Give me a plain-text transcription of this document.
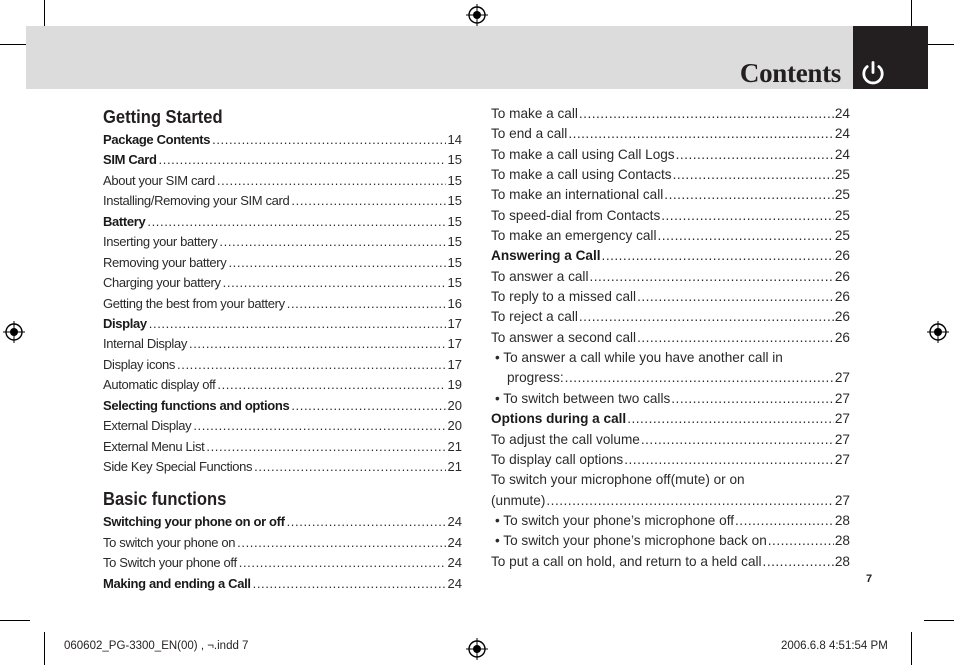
Contents
Getting Started
Package Contents .....	14
SIM Card .....	15
About your SIM card .....	15
Installing/Removing your SIM card .....	15
Battery .....	15
Inserting your battery .....	15
Removing your battery .....	15
Charging your battery .....	15
Getting the best from your battery .....	16
Display .....	17
Internal Display .....	17
Display icons .....	17
Automatic display off .....	19
Selecting functions and options .....	20
External Display .....	20
External Menu List .....	21
Side Key Special Functions .....	21
Basic functions
Switching your phone on or off .....	24
To switch your phone on .....	24
To Switch your phone off .....	24
Making and ending a Call .....	24
To make a call .....	24
To end a call .....	24
To make a call using Call Logs .....	24
To make a call using Contacts .....	25
To make an international call .....	25
To speed-dial from Contacts .....	25
To make an emergency call .....	25
Answering a Call .....	26
To answer a call .....	26
To reply to a missed call .....	26
To reject a call .....	26
To answer a second call .....	26
• To answer a call while you have another call in
progress: .....	27
• To switch between two calls .....	27
Options during a call .....	27
To adjust the call volume .....	27
To display call options .....	27
To switch your microphone off(mute) or on
(unmute) .....	27
• To switch your phone’s microphone off .....	28
• To switch your phone’s microphone back on .....	28
To put a call on hold, and return to a held call .....	28
7
060602_PG-3300_EN(00) , ¬.indd 7	2006.6.8 4:51:54 PM
